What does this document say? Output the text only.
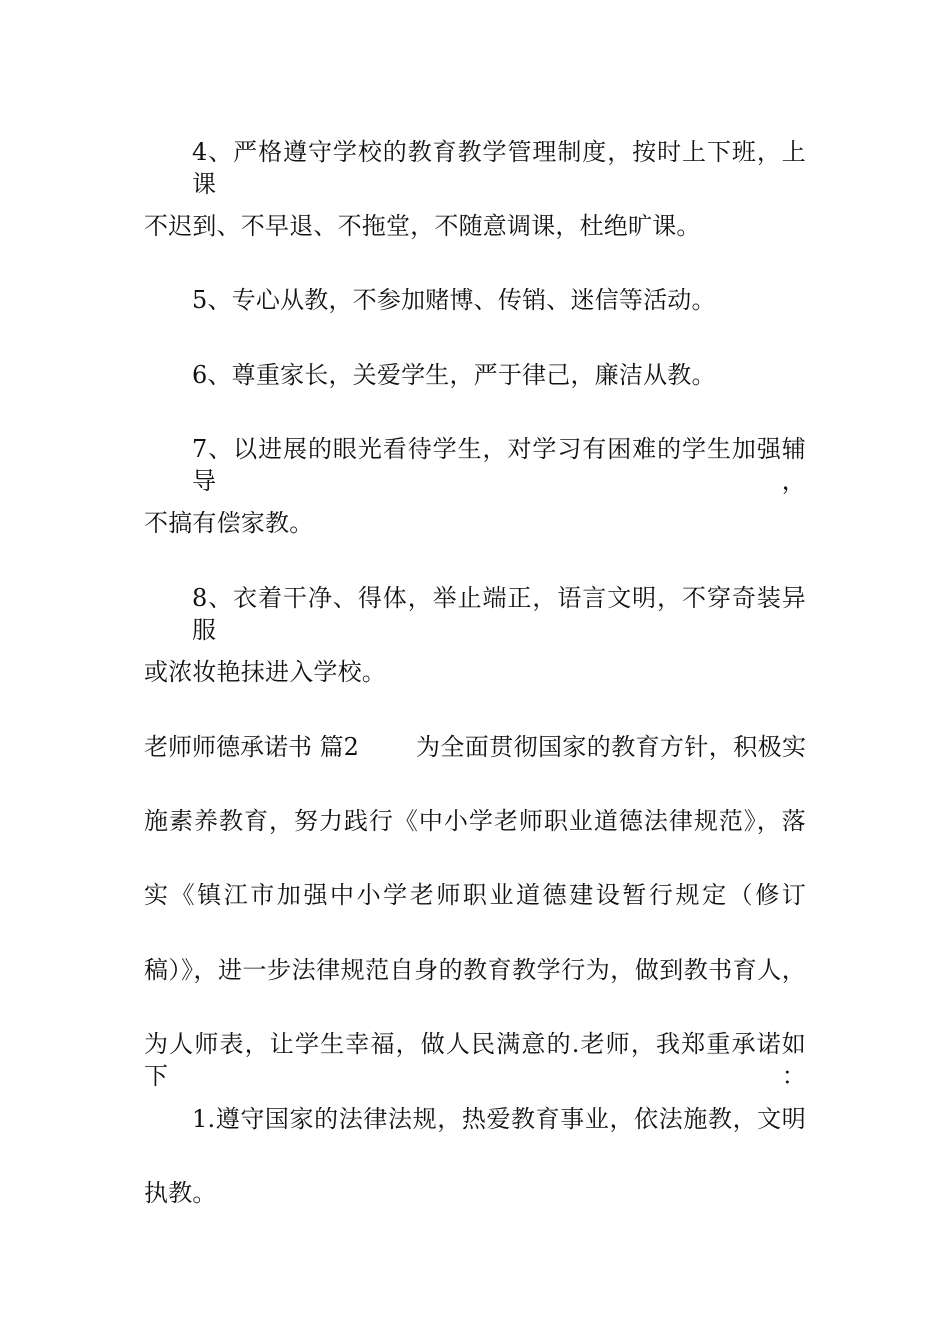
4、严格遵守学校的教育教学管理制度，按时上下班，上课
不迟到、不早退、不拖堂，不随意调课，杜绝旷课。
5、专心从教，不参加赌博、传销、迷信等活动。
6、尊重家长，关爱学生，严于律己，廉洁从教。
7、以进展的眼光看待学生，对学习有困难的学生加强辅导，
不搞有偿家教。
8、衣着干净、得体，举止端正，语言文明，不穿奇装异服
或浓妆艳抹进入学校。
老师师德承诺书 篇2 为全面贯彻国家的教育方针，积极实
施素养教育，努力践行《中小学老师职业道德法律规范》，落
实《镇江市加强中小学老师职业道德建设暂行规定（修订
稿）》，进一步法律规范自身的教育教学行为，做到教书育人，
为人师表，让学生幸福，做人民满意的.老师，我郑重承诺如下：
1.遵守国家的法律法规，热爱教育事业，依法施教，文明
执教。
